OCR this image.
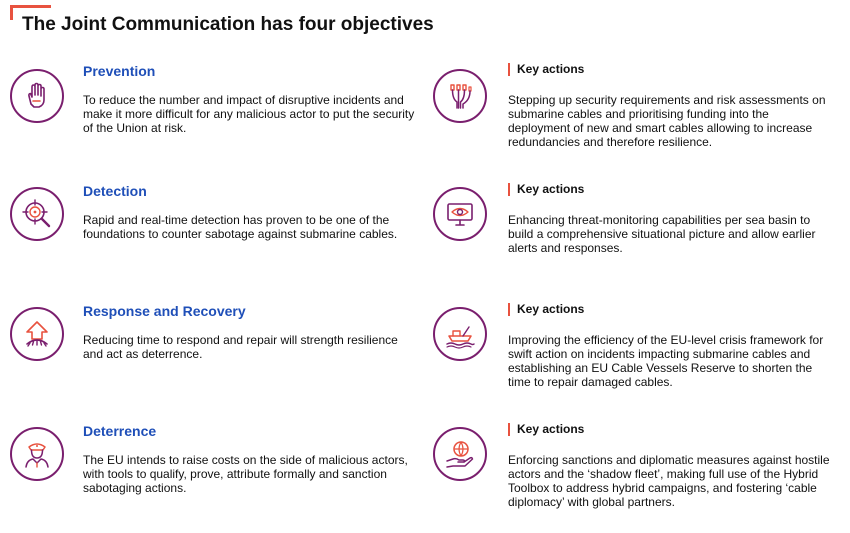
The Joint Communication has four objectives
Prevention
To reduce the number and impact of disruptive incidents and make it more difficult for any malicious actor to put the security of the Union at risk.
Key actions
Stepping up security requirements and risk assessments on submarine cables and prioritising funding into the deployment of new and smart cables allowing to increase redundancies and therefore resilience.
Detection
Rapid and real-time detection has proven to be one of the foundations to counter sabotage against submarine cables.
Key actions
Enhancing threat-monitoring capabilities per sea basin to build a comprehensive situational picture and allow earlier alerts and responses.
Response and Recovery
Reducing time to respond and repair will strength resilience and act as deterrence.
Key actions
Improving the efficiency of the EU-level crisis framework for swift action on incidents impacting submarine cables and establishing an EU Cable Vessels Reserve to shorten the time to repair damaged cables.
Deterrence
The EU intends to raise costs on the side of malicious actors, with tools to qualify, prove, attribute formally and sanction sabotaging actions.
Key actions
Enforcing sanctions and diplomatic measures against hostile actors and the ‘shadow fleet’, making full use of the Hybrid Toolbox to address hybrid campaigns, and fostering ‘cable diplomacy’ with global partners.
